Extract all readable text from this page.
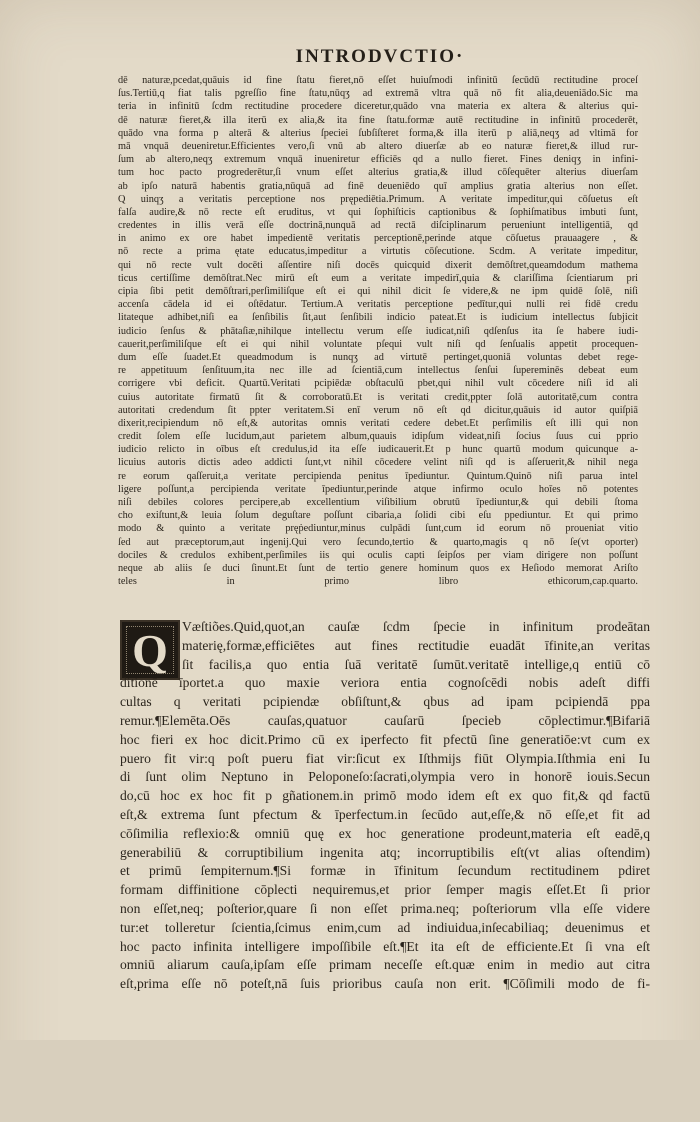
INTRODVCTIO·
dē naturæ,pcedat,quāuis id fine ſtatu fieret,nō eſſet huiuſmodi infinitū ſecūdū rectitudine proceſ
ſus.Tertiū,q fiat talis pgreſſio fine ſtatu,nūqʒ ad extremā vltra quā nō fit alia,deueniādo.Sic ma
teria in infinitū ſcdm rectitudine procedere diceretur,quādo vna materia ex altera & alterius qui-
dē naturæ fieret,& illa iterū ex alia,& ita fine ſtatu.formæ autē rectitudine in infinitū procederēt,
quādo vna forma p alterā & alterius ſpeciei ſubſiſteret forma,& illa iterū p aliā,neqʒ ad vltimā for
mā vnquā deueniretur.Efficientes vero,ſi vnū ab altero diuerſæ ab eo naturæ fieret,& illud rur-
ſum ab altero,neqʒ extremum vnquā inueniretur efficiēs qd a nullo fieret. Fines deniqʒ in infini-
tum hoc pacto progrederētur,ſi vnum eſſet alterius gratia,& illud cōſequēter alterius diuerſam
ab ipſo naturā habentis gratia,nūquā ad finē deueniēdo quī amplius gratia alterius non eſſet.
Q uinqʒ a veritatis perceptione nos prępediētia.Primum. A veritate impeditur,qui cōſuetus eſt
falſa audire,& nō recte eſt eruditus, vt qui ſophiſticis captionibus & ſophiſmatibus imbuti ſunt,
credentes in illis verā eſſe doctrinā,nunquā ad rectā diſciplinarum perueniunt intelligentiā, qd
in animo ex ore habet impedientē veritatis perceptionē,perinde atque cōſuetus prauaagere , &
nō recte a prima ętate educatus,impeditur a virtutis cōſecutione. Scdm. A veritate impeditur,
qui nō recte vult docēti aſſentire niſi docēs quicquid dixerit demōſtret,queamdodum mathema
ticus certiſſime demōſtrat.Nec mirū eſt eum a veritate impedirī,quia & clariſſima ſcientiarum pri
cipia ſibi petit demōſtrari,perſimiliſque eſt ei qui nihil dicit ſe videre,& ne ipm quidē ſolē, niſi
accenſa cādela id ei oſtēdatur. Tertium.A veritatis perceptione pedītur,qui nulli rei fidē credu
litateque adhibet,niſi ea ſenſibilis ſit,aut ſenſibili indicio pateat.Et is iudicium intellectus ſubjicit
iudicio ſenſus & phātaſiæ,nihilque intellectu verum eſſe iudicat,niſi qdſenſus ita ſe habere iudi-
cauerit,perſimiliſque eſt ei qui nihil voluntate pſequi vult niſi qd ſenſualis appetit procequen-
dum eſſe ſuadet.Et queadmodum is nunqʒ ad virtutē pertinget,quoniā voluntas debet rege-
re appetituum ſenſituum,ita nec ille ad ſcientiā,cum intellectus ſenſui ſupereminēs debeat eum
corrigere vbi deficit. Quartū.Veritati pcipiēdæ obſtaculū pbet,qui nihil vult cōcedere niſi id ali
cuius autoritate firmatū ſit & corroboratū.Et is veritati credit,ppter ſolā autoritatē,cum contra
autoritati credendum ſit ppter veritatem.Si enī verum nō eſt qd dicitur,quāuis id autor quiſpiā
dixerit,recipiendum nō eſt,& autoritas omnis veritati cedere debet.Et perſimilis eſt illi qui non
credit ſolem eſſe lucidum,aut parietem album,quauis idipſum videat,niſi ſocius ſuus cui pprio
iudicio relicto in oībus eſt credulus,id ita eſſe iudicauerit.Et p hunc quartū modum quicunque a-
licuius autoris dictis adeo addicti ſunt,vt nihil cōcedere velint niſi qd is aſſeruerit,& nihil nega
re eorum qaſſeruit,a veritate percipienda penitus īpediuntur. Quintum.Quinō niſi parua intel
ligere poſſunt,a percipienda veritate īpediuntur,perinde atque infirmo oculo hoīes nō potentes
niſi debiles colores percipere,ab excellentium viſibilium obrutū īpediuntur,& qui debili ſtoma
cho exiſtunt,& leuia ſolum deguſtare poſſunt cibaria,a ſolidi cibi eſu ppediuntur. Et qui primo
modo & quinto a veritate pręṗediuntur,minus culpādi ſunt,cum id eorum nō proueniat vitio
ſed aut præceptorum,aut ingenij.Qui vero ſecundo,tertio & quarto,magis q nō ſe(vt oporter)
dociles & credulos exhibent,perſimiles iis qui oculis capti ſeipſos per viam dirigere non poſſunt
neque ab aliis ſe duci ſinunt.Et ſunt de tertio genere hominum quos ex Heſiodo memorat Ariſto
teles in primo libro ethicorum,cap.quarto.
Q	Væſtiões.Quid,quot,an cauſæ ſcdm ſpecie in infinitum prodeātan
materię,formæ,efficiētes aut fines rectitudie euadāt īfinite,an veritas
ſit facilis,a quo entia ſuā veritatē ſumūt.veritatē intellige,q entiū cō
ditionē īportet.a quo maxie veriora entia cognoſcēdi nobis adeſt diffi
cultas q veritati pcipiendæ obſiſtunt,& qbus ad ipam pcipiendā ppa
remur.¶Elemēta.Oēs cauſas,quatuor cauſarū ſpecieb cōplectimur.¶Bifariā
hoc fieri ex hoc dicit.Primo cū ex iperfecto fit pfectū ſine generatiōe:vt cum ex
puero fit vir:q poſt pueru fiat vir:ſicut ex Iſthmijs fiūt Olympia.Iſthmia eni Iu
di ſunt olim Neptuno in Peloponeſo:ſacrati,olympia vero in honorē iouis.Secun
do,cū hoc ex hoc fit p gñationem.in primō modo idem eſt ex quo fit,& qd factū
eſt,& extrema ſunt pfectum & īperfectum.in ſecūdo aut,eſſe,& nō eſſe,et fit ad
cōſimilia reflexio:& omniū quę ex hoc generatione prodeunt,materia eſt eadē,q
generabiliū & corruptibilium ingenita atq; incorruptibilis eſt(vt alias oſtendim)
et primū ſempiternum.¶Si formæ in īfinitum ſecundum rectitudinem pdiret
formam diffinitione cōplecti nequiremus,et prior ſemper magis eſſet.Et ſi prior
non eſſet,neq; poſterior,quare ſi non eſſet prima.neq; poſteriorum vlla eſſe videre
tur:et tolleretur ſcientia,ſcimus enim,cum ad indiuidua,inſecabiliaq; deuenimus et
hoc pacto infinita intelligere impoſſibile eſt.¶Et ita eſt de efficiente.Et ſi vna eſt
omniū aliarum cauſa,ipſam eſſe primam neceſſe eſt.quæ enim in medio aut citra
eſt,prima eſſe nō poteſt,nā ſuis prioribus cauſa non erit. ¶Cōſimili modo de fi-
